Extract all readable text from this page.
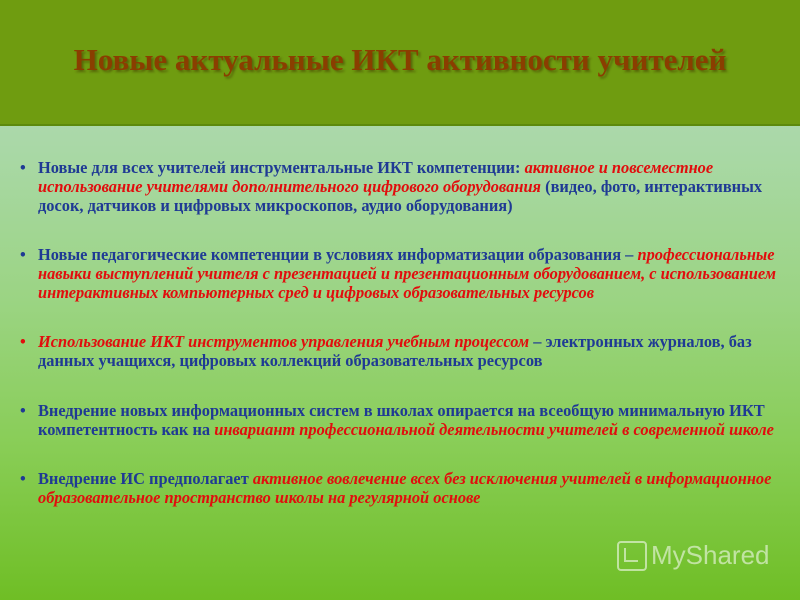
Новые актуальные ИКТ активности учителей
• Новые для всех учителей инструментальные ИКТ компетенции: активное и повсеместное использование учителями дополнительного цифрового оборудования (видео, фото, интерактивных досок, датчиков и цифровых микроскопов, аудио оборудования)
• Новые педагогические компетенции в условиях информатизации образования – профессиональные навыки выступлений учителя с презентацией и презентационным оборудованием, с использованием интерактивных компьютерных сред и цифровых образовательных ресурсов
• Использование ИКТ инструментов управления учебным процессом – электронных журналов, баз данных учащихся, цифровых коллекций образовательных ресурсов
• Внедрение новых информационных систем в школах опирается на всеобщую минимальную ИКТ компетентность как на инвариант профессиональной деятельности учителей в современной школе
• Внедрение ИС предполагает активное вовлечение всех без исключения учителей в информационное образовательное пространство школы на регулярной основе
MyShared
